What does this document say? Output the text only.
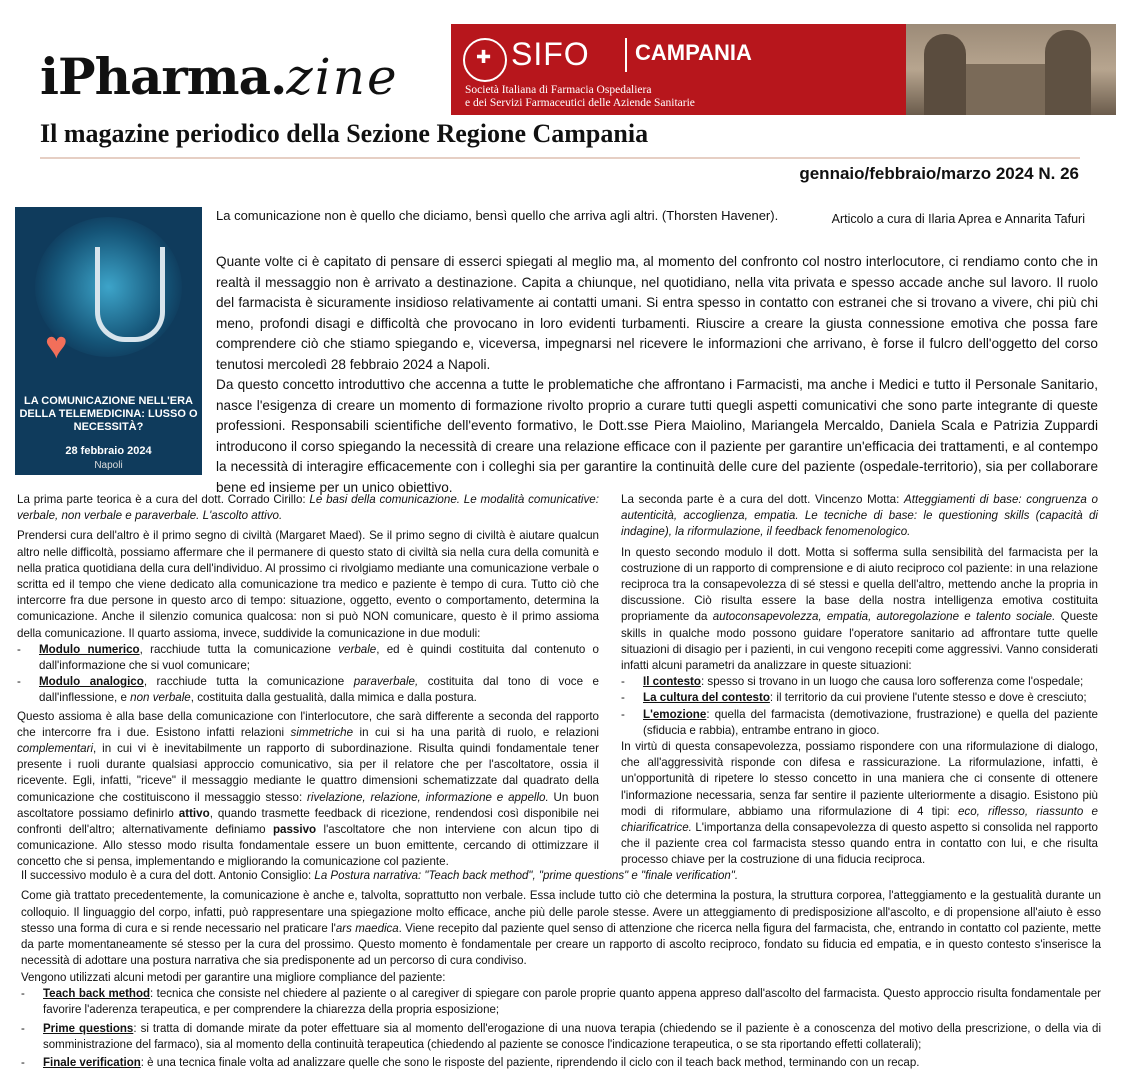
iPharma.zine
Il magazine periodico della Sezione Regione Campania
gennaio/febbraio/marzo 2024 N. 26
✚
SIFO CAMPANIA
Società Italiana di Farmacia Ospedaliera
e dei Servizi Farmaceutici delle Aziende Sanitarie
♥
LA COMUNICAZIONE NELL'ERA DELLA TELEMEDICINA: LUSSO O NECESSITÀ?
28 febbraio 2024
Napoli
La comunicazione non è quello che diciamo, bensì quello che arriva agli altri. (Thorsten Havener).	Articolo a cura di Ilaria Aprea e Annarita Tafuri

Quante volte ci è capitato di pensare di esserci spiegati al meglio ma, al momento del confronto col nostro interlocutore, ci rendiamo conto che in realtà il messaggio non è arrivato a destinazione. Capita a chiunque, nel quotidiano, nella vita privata e spesso accade anche sul lavoro. Il ruolo del farmacista è sicuramente insidioso relativamente ai contatti umani. Si entra spesso in contatto con estranei che si trovano a vivere, chi più chi meno, profondi disagi e difficoltà che provocano in loro evidenti turbamenti. Riuscire a creare la giusta connessione emotiva che possa fare comprendere ciò che stiamo spiegando e, viceversa, impegnarsi nel ricevere le informazioni che arrivano, è forse il fulcro dell'oggetto del corso tenutosi mercoledì 28 febbraio 2024 a Napoli.

Da questo concetto introduttivo che accenna a tutte le problematiche che affrontano i Farmacisti, ma anche i Medici e tutto il Personale Sanitario, nasce l'esigenza di creare un momento di formazione rivolto proprio a curare tutti quegli aspetti comunicativi che sono parte integrante di queste professioni. Responsabili scientifiche dell'evento formativo, le Dott.sse Piera Maiolino, Mariangela Mercaldo, Daniela Scala e Patrizia Zuppardi introducono il corso spiegando la necessità di creare una relazione efficace con il paziente per garantire un'efficacia dei trattamenti, e al contempo la necessità di interagire efficacemente con i colleghi sia per garantire la continuità delle cure del paziente (ospedale-territorio), sia per collaborare bene ed insieme per un unico obiettivo.

La prima parte teorica è a cura del dott. Corrado Cirillo: Le basi della comunicazione. Le modalità comunicative: verbale, non verbale e paraverbale. L'ascolto attivo.

Prendersi cura dell'altro è il primo segno di civiltà (Margaret Maed). Se il primo segno di civiltà è aiutare qualcun altro nelle difficoltà, possiamo affermare che il permanere di questo stato di civiltà sia nella cura della comunità e nella pratica quotidiana della cura dell'individuo. Al prossimo ci rivolgiamo mediante una comunicazione verbale o scritta ed il tempo che viene dedicato alla comunicazione tra medico e paziente è tempo di cura. Tutto ciò che intercorre fra due persone in questo arco di tempo: situazione, oggetto, evento o comportamento, determina la comunicazione. Anche il silenzio comunica qualcosa: non si può NON comunicare, questo è il primo assioma della comunicazione. Il quarto assioma, invece, suddivide la comunicazione in due moduli:

- Modulo numerico, racchiude tutta la comunicazione verbale, ed è quindi costituita dal contenuto o dall'informazione che si vuol comunicare;
- Modulo analogico, racchiude tutta la comunicazione paraverbale, costituita dal tono di voce e dall'inflessione, e non verbale, costituita dalla gestualità, dalla mimica e dalla postura.

Questo assioma è alla base della comunicazione con l'interlocutore, che sarà differente a seconda del rapporto che intercorre fra i due. Esistono infatti relazioni simmetriche in cui si ha una parità di ruolo, e relazioni complementari, in cui vi è inevitabilmente un rapporto di subordinazione. Risulta quindi fondamentale tener presente i ruoli durante qualsiasi approccio comunicativo, sia per il relatore che per l'ascoltatore, ossia il ricevente. Egli, infatti, "riceve" il messaggio mediante le quattro dimensioni schematizzate dal quadrato della comunicazione che costituiscono il messaggio stesso: rivelazione, relazione, informazione e appello. Un buon ascoltatore possiamo definirlo attivo, quando trasmette feedback di ricezione, rendendosi così disponibile nei confronti dell'altro; alternativamente definiamo passivo l'ascoltatore che non interviene con alcun tipo di comunicazione. Allo stesso modo risulta fondamentale essere un buon emittente, cercando di ottimizzare il concetto che si pensa, implementando e migliorando la comunicazione col paziente.

La seconda parte è a cura del dott. Vincenzo Motta: Atteggiamenti di base: congruenza o autenticità, accoglienza, empatia. Le tecniche di base: le questioning skills (capacità di indagine), la riformulazione, il feedback fenomenologico.

In questo secondo modulo il dott. Motta si sofferma sulla sensibilità del farmacista per la costruzione di un rapporto di comprensione e di aiuto reciproco col paziente: in una relazione reciproca tra la consapevolezza di sé stessi e quella dell'altro, mettendo anche la propria in discussione. Ciò risulta essere la base della nostra intelligenza emotiva costituita propriamente da autoconsapevolezza, empatia, autoregolazione e talento sociale. Queste skills in qualche modo possono guidare l'operatore sanitario ad affrontare tutte quelle situazioni di disagio per i pazienti, in cui vengono recepiti come aggressivi. Vanno considerati infatti alcuni parametri da analizzare in queste situazioni:

- Il contesto: spesso si trovano in un luogo che causa loro sofferenza come l'ospedale;
- La cultura del contesto: il territorio da cui proviene l'utente stesso e dove è cresciuto;
- L'emozione: quella del farmacista (demotivazione, frustrazione) e quella del paziente (sfiducia e rabbia), entrambe entrano in gioco.

In virtù di questa consapevolezza, possiamo rispondere con una riformulazione di dialogo, che all'aggressività risponde con difesa e rassicurazione. La riformulazione, infatti, è un'opportunità di ripetere lo stesso concetto in una maniera che ci consente di ottenere l'informazione necessaria, senza far sentire il paziente ulteriormente a disagio. Esistono più modi di riformulare, abbiamo una riformulazione di 4 tipi: eco, riflesso, riassunto e chiarificatrice. L'importanza della consapevolezza di questo aspetto si consolida nel rapporto che il paziente crea col farmacista stesso quando entra in contatto con lui, e che risulta processo chiave per la costruzione di una fiducia reciproca.

Il successivo modulo è a cura del dott. Antonio Consiglio: La Postura narrativa: "Teach back method", "prime questions" e "finale verification".

Come già trattato precedentemente, la comunicazione è anche e, talvolta, soprattutto non verbale. Essa include tutto ciò che determina la postura, la struttura corporea, l'atteggiamento e la gestualità durante un colloquio. Il linguaggio del corpo, infatti, può rappresentare una spiegazione molto efficace, anche più delle parole stesse. Avere un atteggiamento di predisposizione all'ascolto, e di propensione all'aiuto è esso stesso una forma di cura e si rende necessario nel praticare l'ars maedica. Viene recepito dal paziente quel senso di attenzione che ricerca nella figura del farmacista, che, entrando in contatto col paziente, mette da parte momentaneamente sé stesso per la cura del prossimo. Questo momento è fondamentale per creare un rapporto di ascolto reciproco, fondato su fiducia ed empatia, e in questo contesto s'inserisce la necessità di adottare una postura narrativa che sia predisponente ad un percorso di cura condiviso.

Vengono utilizzati alcuni metodi per garantire una migliore compliance del paziente:

- Teach back method: tecnica che consiste nel chiedere al paziente o al caregiver di spiegare con parole proprie quanto appena appreso dall'ascolto del farmacista. Questo approccio risulta fondamentale per favorire l'aderenza terapeutica, e per comprendere la chiarezza della propria esposizione;
- Prime questions: si tratta di domande mirate da poter effettuare sia al momento dell'erogazione di una nuova terapia (chiedendo se il paziente è a conoscenza del motivo della prescrizione, o della via di somministrazione del farmaco), sia al momento della continuità terapeutica (chiedendo al paziente se conosce l'indicazione terapeutica, o se sta riportando effetti collaterali);
- Finale verification: è una tecnica finale volta ad analizzare quelle che sono le risposte del paziente, riprendendo il ciclo con il teach back method, terminando con un recap.
